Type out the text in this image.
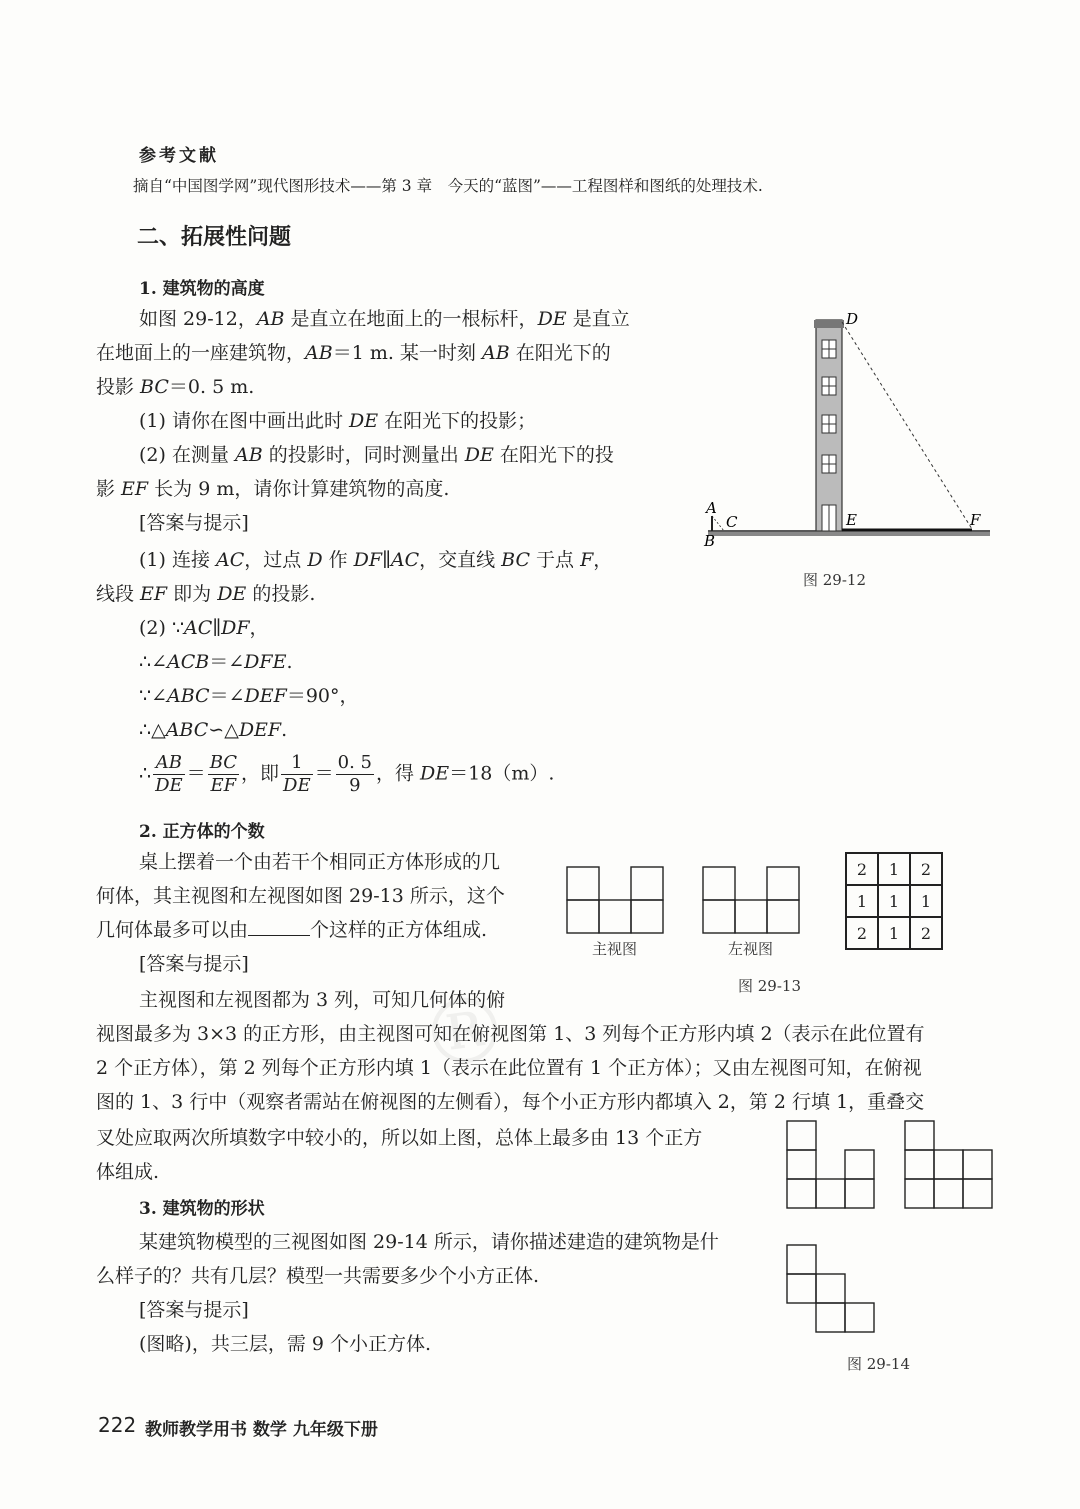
®
参考文献
摘自“中国图学网”现代图形技术——第 3 章　今天的“蓝图”——工程图样和图纸的处理技术.
二、拓展性问题
1. 建筑物的高度
如图 29-12，AB 是直立在地面上的一根标杆，DE 是直立
在地面上的一座建筑物，AB＝1 m. 某一时刻 AB 在阳光下的
投影 BC＝0. 5 m.
(1) 请你在图中画出此时 DE 在阳光下的投影；
(2) 在测量 AB 的投影时，同时测量出 DE 在阳光下的投
影 EF 长为 9 m，请你计算建筑物的高度.
[答案与提示]
(1) 连接 AC，过点 D 作 DF∥AC，交直线 BC 于点 F，
线段 EF 即为 DE 的投影.
(2) ∵AC∥DF，
∴∠ACB＝∠DFE.
∵∠ABC＝∠DEF＝90°，
∴△ABC∽△DEF.
∴ $\frac{AB}{DE} = \frac{BC}{EF}$ ，即 $\frac{1}{DE} = \frac{0. 5}{9}$ ，得 DE＝18（m）.
A
B
C
D
E	F
图 29-12
2. 正方体的个数
桌上摆着一个由若干个相同正方体形成的几
何体，其主视图和左视图如图 29-13 所示，这个
几何体最多可以由	个这样的正方体组成.
[答案与提示]
主视图和左视图都为 3 列，可知几何体的俯
视图最多为 3×3 的正方形，由主视图可知在俯视图第 1、3 列每个正方形内填 2（表示在此位置有
2 个正方体），第 2 列每个正方形内填 1（表示在此位置有 1 个正方体）；又由左视图可知，在俯视
图的 1、3 行中（观察者需站在俯视图的左侧看），每个小正方形内都填入 2，第 2 行填 1，重叠交
叉处应取两次所填数字中较小的，所以如上图，总体上最多由 13 个正方
体组成.
主视图	左视图
2	1	2
1	1	1
2	1	2
图 29-13
3. 建筑物的形状
某建筑物模型的三视图如图 29-14 所示，请你描述建造的建筑物是什
么样子的？共有几层？模型一共需要多少个小方正体.
[答案与提示]
(图略)，共三层，需 9 个小正方体.
图 29-14
222 教师教学用书 数学 九年级下册
